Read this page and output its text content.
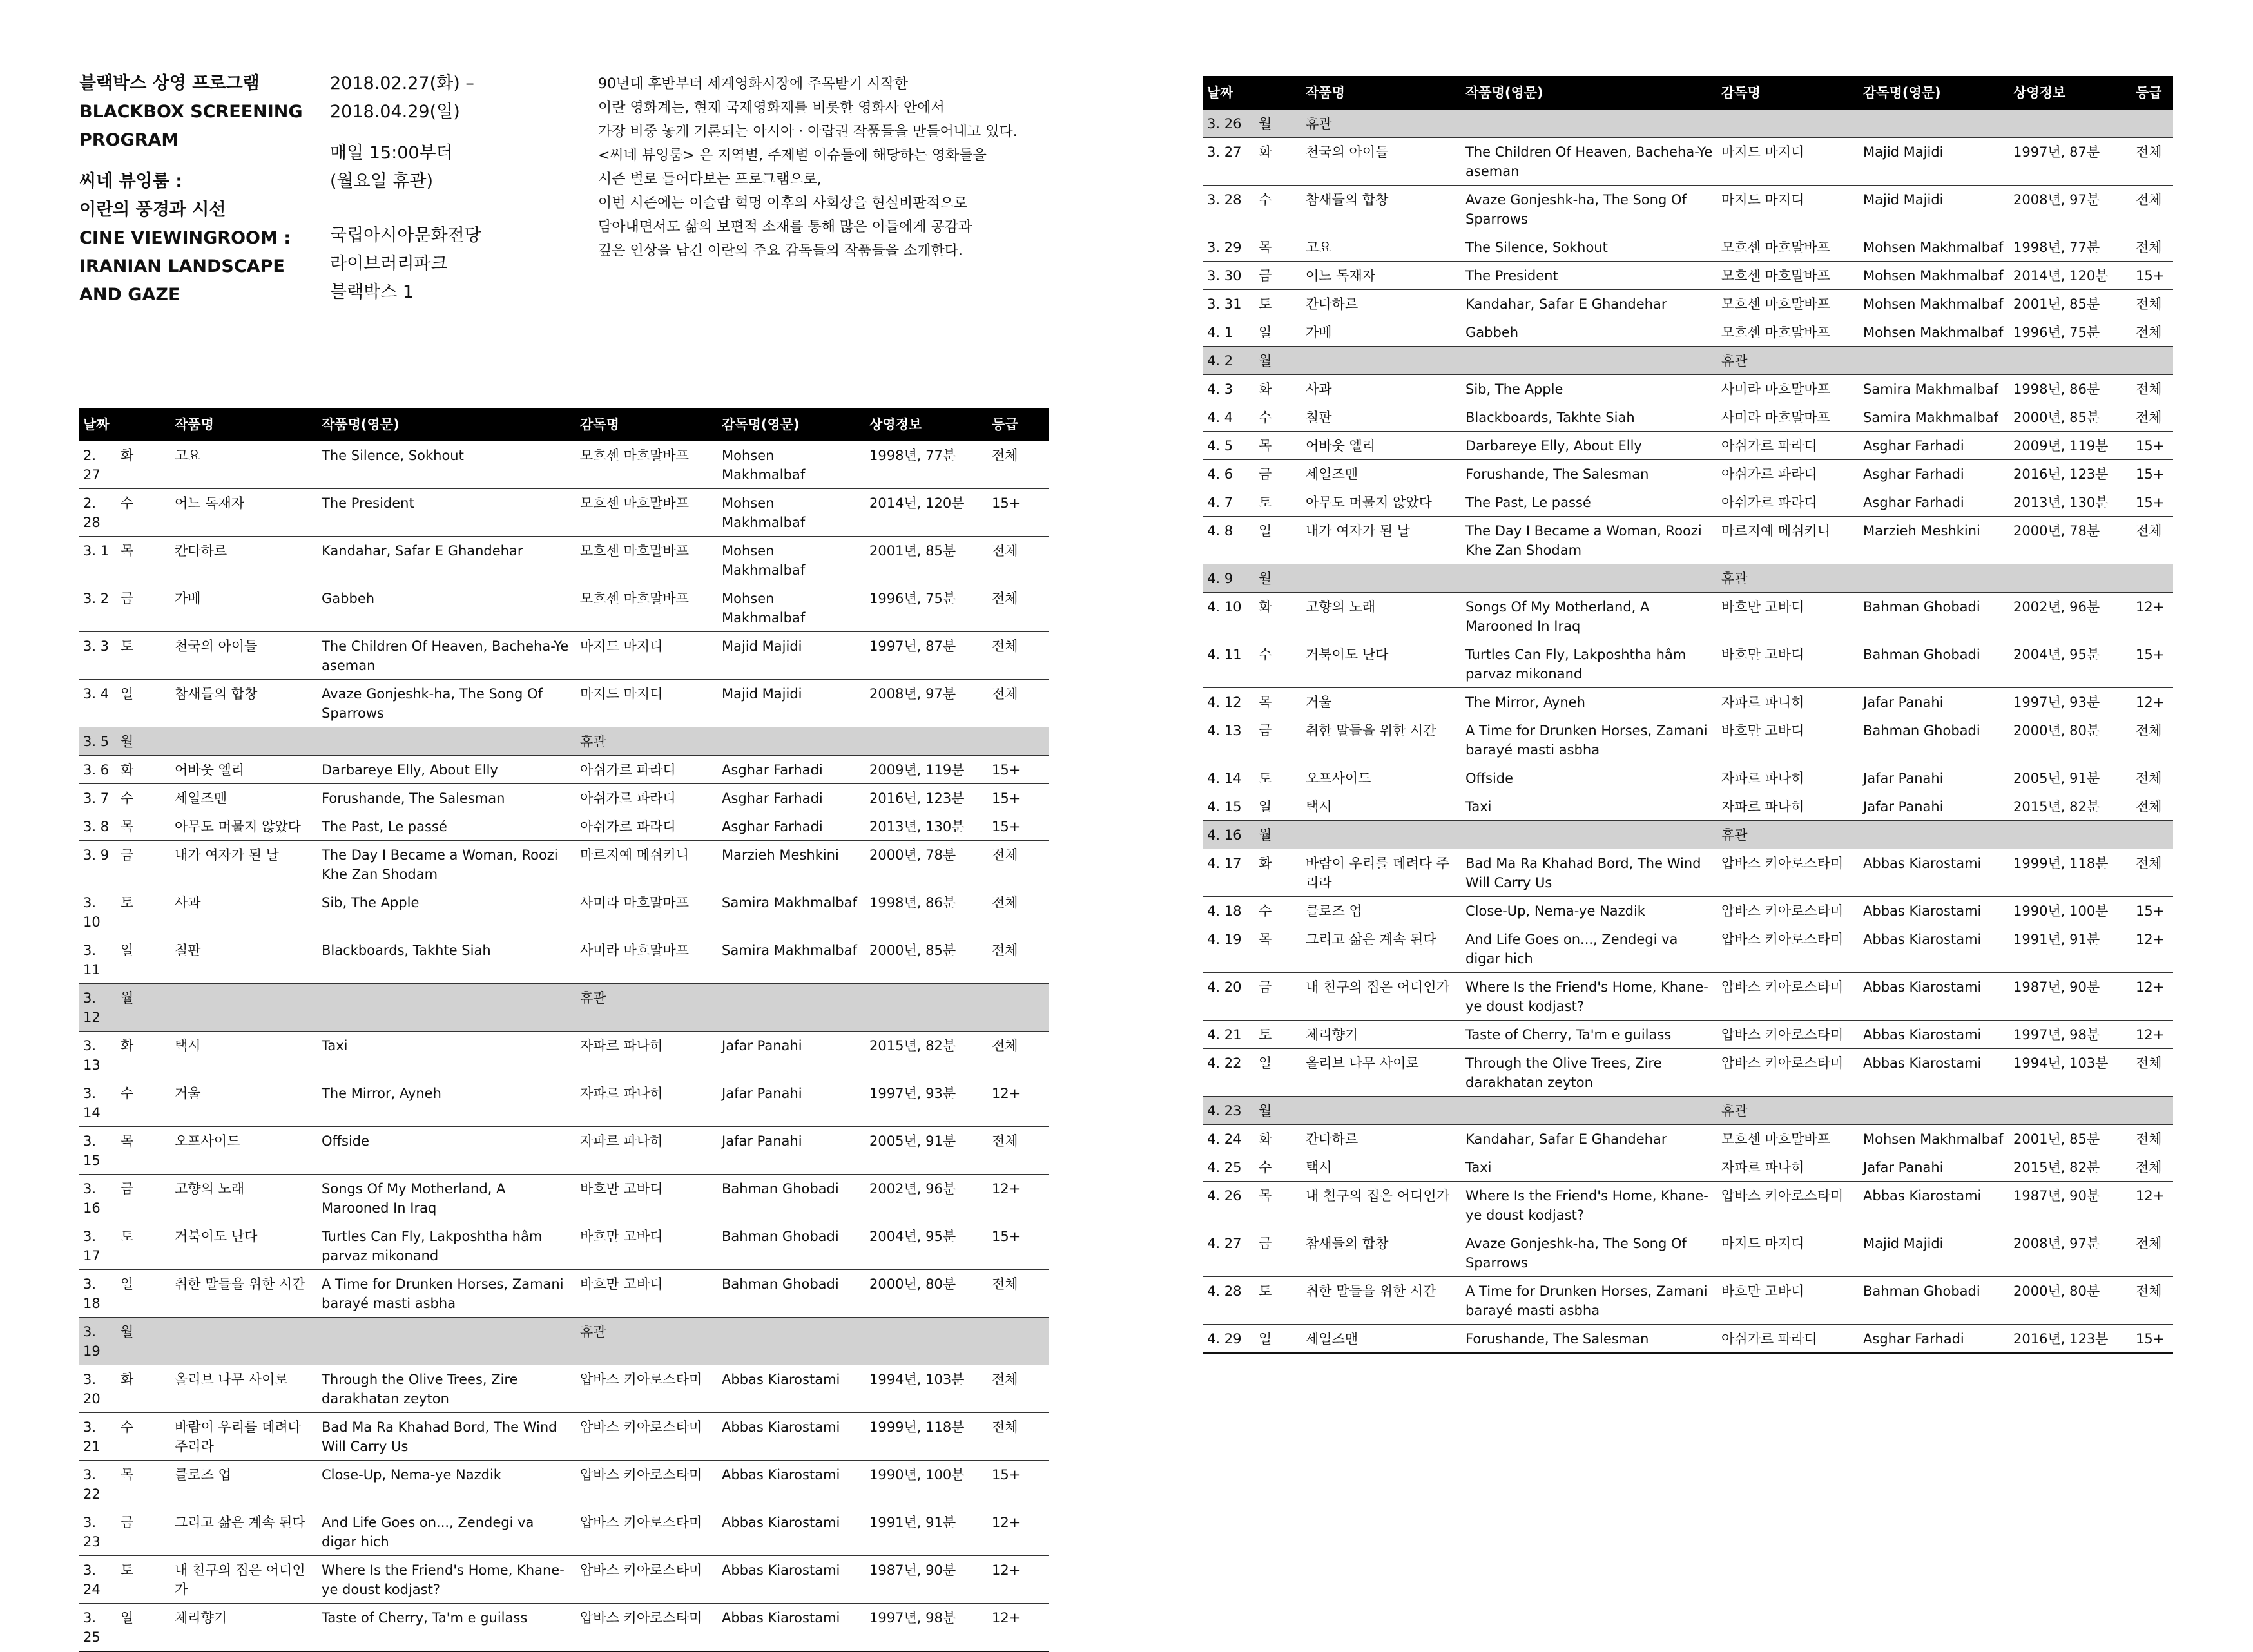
블랙박스 상영 프로그램
BLACKBOX SCREENING
PROGRAM
씨네 뷰잉룸 :
이란의 풍경과 시선
CINE VIEWINGROOM :
IRANIAN LANDSCAPE
AND GAZE
2018.02.27(화) –
2018.04.29(일)
매일 15:00부터
(월요일 휴관)
국립아시아문화전당
라이브러리파크
블랙박스 1
90년대 후반부터 세계영화시장에 주목받기 시작한
이란 영화계는, 현재 국제영화제를 비롯한 영화사 안에서
가장 비중 놓게 거론되는 아시아 · 아랍권 작품들을 만들어내고 있다.
<씨네 뷰잉룸> 은 지역별, 주제별 이슈들에 해당하는 영화들을
시즌 별로 들어다보는 프로그램으로,
이번 시즌에는 이슬람 혁명 이후의 사회상을 현실비판적으로
담아내면서도 삶의 보편적 소재를 통해 많은 이들에게 공감과
깊은 인상을 남긴 이란의 주요 감독들의 작품들을 소개한다.
날짜		작품명	작품명(영문)	감독명	감독명(영문)	상영정보	등급
2. 27	화	고요	The Silence, Sokhout	모흐센 마흐말바프	Mohsen Makhmalbaf	1998년, 77분	전체
2. 28	수	어느 독재자	The President	모흐센 마흐말바프	Mohsen Makhmalbaf	2014년, 120분	15+
3. 1	목	칸다하르	Kandahar, Safar E Ghandehar	모흐센 마흐말바프	Mohsen Makhmalbaf	2001년, 85분	전체
3. 2	금	가베	Gabbeh	모흐센 마흐말바프	Mohsen Makhmalbaf	1996년, 75분	전체
3. 3	토	천국의 아이들	The Children Of Heaven, Bacheha-Ye aseman	마지드 마지디	Majid Majidi	1997년, 87분	전체
3. 4	일	참새들의 합창	Avaze Gonjeshk-ha, The Song Of Sparrows	마지드 마지디	Majid Majidi	2008년, 97분	전체
3. 5	월			휴관			
3. 6	화	어바웃 엘리	Darbareye Elly, About Elly	아쉬가르 파라디	Asghar Farhadi	2009년, 119분	15+
3. 7	수	세일즈맨	Forushande, The Salesman	아쉬가르 파라디	Asghar Farhadi	2016년, 123분	15+
3. 8	목	아무도 머물지 않았다	The Past, Le passé	아쉬가르 파라디	Asghar Farhadi	2013년, 130분	15+
3. 9	금	내가 여자가 된 날	The Day I Became a Woman, Roozi Khe Zan Shodam	마르지예 메쉬키니	Marzieh Meshkini	2000년, 78분	전체
3. 10	토	사과	Sib, The Apple	사미라 마흐말마프	Samira Makhmalbaf	1998년, 86분	전체
3. 11	일	칠판	Blackboards, Takhte Siah	사미라 마흐말마프	Samira Makhmalbaf	2000년, 85분	전체
3. 12	월			휴관			
3. 13	화	택시	Taxi	자파르 파나히	Jafar Panahi	2015년, 82분	전체
3. 14	수	거울	The Mirror, Ayneh	자파르 파나히	Jafar Panahi	1997년, 93분	12+
3. 15	목	오프사이드	Offside	자파르 파나히	Jafar Panahi	2005년, 91분	전체
3. 16	금	고향의 노래	Songs Of My Motherland, A Marooned In Iraq	바흐만 고바디	Bahman Ghobadi	2002년, 96분	12+
3. 17	토	거북이도 난다	Turtles Can Fly, Lakposhtha hâm parvaz mikonand	바흐만 고바디	Bahman Ghobadi	2004년, 95분	15+
3. 18	일	취한 말들을 위한 시간	A Time for Drunken Horses, Zamani barayé masti asbha	바흐만 고바디	Bahman Ghobadi	2000년, 80분	전체
3. 19	월			휴관			
3. 20	화	올리브 나무 사이로	Through the Olive Trees, Zire darakhatan zeyton	압바스 키아로스타미	Abbas Kiarostami	1994년, 103분	전체
3. 21	수	바람이 우리를 데려다 주리라	Bad Ma Ra Khahad Bord, The Wind Will Carry Us	압바스 키아로스타미	Abbas Kiarostami	1999년, 118분	전체
3. 22	목	클로즈 업	Close-Up, Nema-ye Nazdik	압바스 키아로스타미	Abbas Kiarostami	1990년, 100분	15+
3. 23	금	그리고 삶은 계속 된다	And Life Goes on..., Zendegi va digar hich	압바스 키아로스타미	Abbas Kiarostami	1991년, 91분	12+
3. 24	토	내 친구의 집은 어디인가	Where Is the Friend's Home, Khane-ye doust kodjast?	압바스 키아로스타미	Abbas Kiarostami	1987년, 90분	12+
3. 25	일	체리향기	Taste of Cherry, Ta'm e guilass	압바스 키아로스타미	Abbas Kiarostami	1997년, 98분	12+
날짜		작품명	작품명(영문)	감독명	감독명(영문)	상영정보	등급
3. 26	월	휴관					
3. 27	화	천국의 아이들	The Children Of Heaven, Bacheha-Ye aseman	마지드 마지디	Majid Majidi	1997년, 87분	전체
3. 28	수	참새들의 합창	Avaze Gonjeshk-ha, The Song Of Sparrows	마지드 마지디	Majid Majidi	2008년, 97분	전체
3. 29	목	고요	The Silence, Sokhout	모흐센 마흐말바프	Mohsen Makhmalbaf	1998년, 77분	전체
3. 30	금	어느 독재자	The President	모흐센 마흐말바프	Mohsen Makhmalbaf	2014년, 120분	15+
3. 31	토	칸다하르	Kandahar, Safar E Ghandehar	모흐센 마흐말바프	Mohsen Makhmalbaf	2001년, 85분	전체
4. 1	일	가베	Gabbeh	모흐센 마흐말바프	Mohsen Makhmalbaf	1996년, 75분	전체
4. 2	월			휴관			
4. 3	화	사과	Sib, The Apple	사미라 마흐말마프	Samira Makhmalbaf	1998년, 86분	전체
4. 4	수	칠판	Blackboards, Takhte Siah	사미라 마흐말마프	Samira Makhmalbaf	2000년, 85분	전체
4. 5	목	어바웃 엘리	Darbareye Elly, About Elly	아쉬가르 파라디	Asghar Farhadi	2009년, 119분	15+
4. 6	금	세일즈맨	Forushande, The Salesman	아쉬가르 파라디	Asghar Farhadi	2016년, 123분	15+
4. 7	토	아무도 머물지 않았다	The Past, Le passé	아쉬가르 파라디	Asghar Farhadi	2013년, 130분	15+
4. 8	일	내가 여자가 된 날	The Day I Became a Woman, Roozi Khe Zan Shodam	마르지예 메쉬키니	Marzieh Meshkini	2000년, 78분	전체
4. 9	월			휴관			
4. 10	화	고향의 노래	Songs Of My Motherland, A Marooned In Iraq	바흐만 고바디	Bahman Ghobadi	2002년, 96분	12+
4. 11	수	거북이도 난다	Turtles Can Fly, Lakposhtha hâm parvaz mikonand	바흐만 고바디	Bahman Ghobadi	2004년, 95분	15+
4. 12	목	거울	The Mirror, Ayneh	자파르 파니히	Jafar Panahi	1997년, 93분	12+
4. 13	금	취한 말들을 위한 시간	A Time for Drunken Horses, Zamani barayé masti asbha	바흐만 고바디	Bahman Ghobadi	2000년, 80분	전체
4. 14	토	오프사이드	Offside	자파르 파나히	Jafar Panahi	2005년, 91분	전체
4. 15	일	택시	Taxi	자파르 파나히	Jafar Panahi	2015년, 82분	전체
4. 16	월			휴관			
4. 17	화	바람이 우리를 데려다 주리라	Bad Ma Ra Khahad Bord, The Wind Will Carry Us	압바스 키아로스타미	Abbas Kiarostami	1999년, 118분	전체
4. 18	수	클로즈 업	Close-Up, Nema-ye Nazdik	압바스 키아로스타미	Abbas Kiarostami	1990년, 100분	15+
4. 19	목	그리고 삶은 계속 된다	And Life Goes on..., Zendegi va digar hich	압바스 키아로스타미	Abbas Kiarostami	1991년, 91분	12+
4. 20	금	내 친구의 집은 어디인가	Where Is the Friend's Home, Khane-ye doust kodjast?	압바스 키아로스타미	Abbas Kiarostami	1987년, 90분	12+
4. 21	토	체리향기	Taste of Cherry, Ta'm e guilass	압바스 키아로스타미	Abbas Kiarostami	1997년, 98분	12+
4. 22	일	올리브 나무 사이로	Through the Olive Trees, Zire darakhatan zeyton	압바스 키아로스타미	Abbas Kiarostami	1994년, 103분	전체
4. 23	월			휴관			
4. 24	화	칸다하르	Kandahar, Safar E Ghandehar	모흐센 마흐말바프	Mohsen Makhmalbaf	2001년, 85분	전체
4. 25	수	택시	Taxi	자파르 파나히	Jafar Panahi	2015년, 82분	전체
4. 26	목	내 친구의 집은 어디인가	Where Is the Friend's Home, Khane-ye doust kodjast?	압바스 키아로스타미	Abbas Kiarostami	1987년, 90분	12+
4. 27	금	참새들의 합창	Avaze Gonjeshk-ha, The Song Of Sparrows	마지드 마지디	Majid Majidi	2008년, 97분	전체
4. 28	토	취한 말들을 위한 시간	A Time for Drunken Horses, Zamani barayé masti asbha	바흐만 고바디	Bahman Ghobadi	2000년, 80분	전체
4. 29	일	세일즈맨	Forushande, The Salesman	아쉬가르 파라디	Asghar Farhadi	2016년, 123분	15+
